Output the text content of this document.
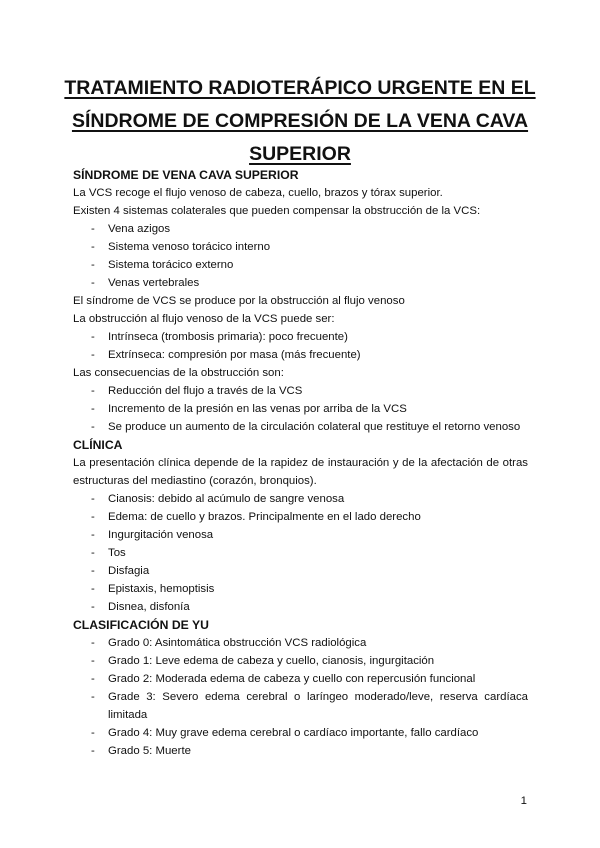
TRATAMIENTO RADIOTERÁPICO URGENTE EN EL SÍNDROME DE COMPRESIÓN DE LA VENA CAVA SUPERIOR
SÍNDROME DE VENA CAVA SUPERIOR

La VCS recoge el flujo venoso de cabeza, cuello, brazos y tórax superior.

Existen 4 sistemas colaterales que pueden compensar la obstrucción de la VCS:

- Vena azigos
- Sistema venoso torácico interno
- Sistema torácico externo
- Venas vertebrales

El síndrome de VCS se produce por la obstrucción al flujo venoso

La obstrucción al flujo venoso de la VCS puede ser:

- Intrínseca (trombosis primaria): poco frecuente)
- Extrínseca: compresión por masa (más frecuente)

Las consecuencias de la obstrucción son:

- Reducción del flujo a través de la VCS
- Incremento de la presión en las venas por arriba de la VCS
- Se produce un aumento de la circulación colateral que restituye el retorno venoso
CLÍNICA

La presentación clínica depende de la rapidez de instauración y de la afectación de otras estructuras del mediastino (corazón, bronquios).

- Cianosis: debido al acúmulo de sangre venosa
- Edema: de cuello y brazos. Principalmente en el lado derecho
- Ingurgitación venosa
- Tos
- Disfagia
- Epistaxis, hemoptisis
- Disnea, disfonía
CLASIFICACIÓN DE YU
- Grado 0: Asintomática obstrucción VCS radiológica
- Grado 1: Leve edema de cabeza y cuello, cianosis, ingurgitación
- Grado 2: Moderada edema de cabeza y cuello con repercusión funcional
- Grade 3: Severo edema cerebral o laríngeo moderado/leve, reserva cardíaca limitada
- Grado 4: Muy grave edema cerebral o cardíaco importante, fallo cardíaco
- Grado 5: Muerte
1
